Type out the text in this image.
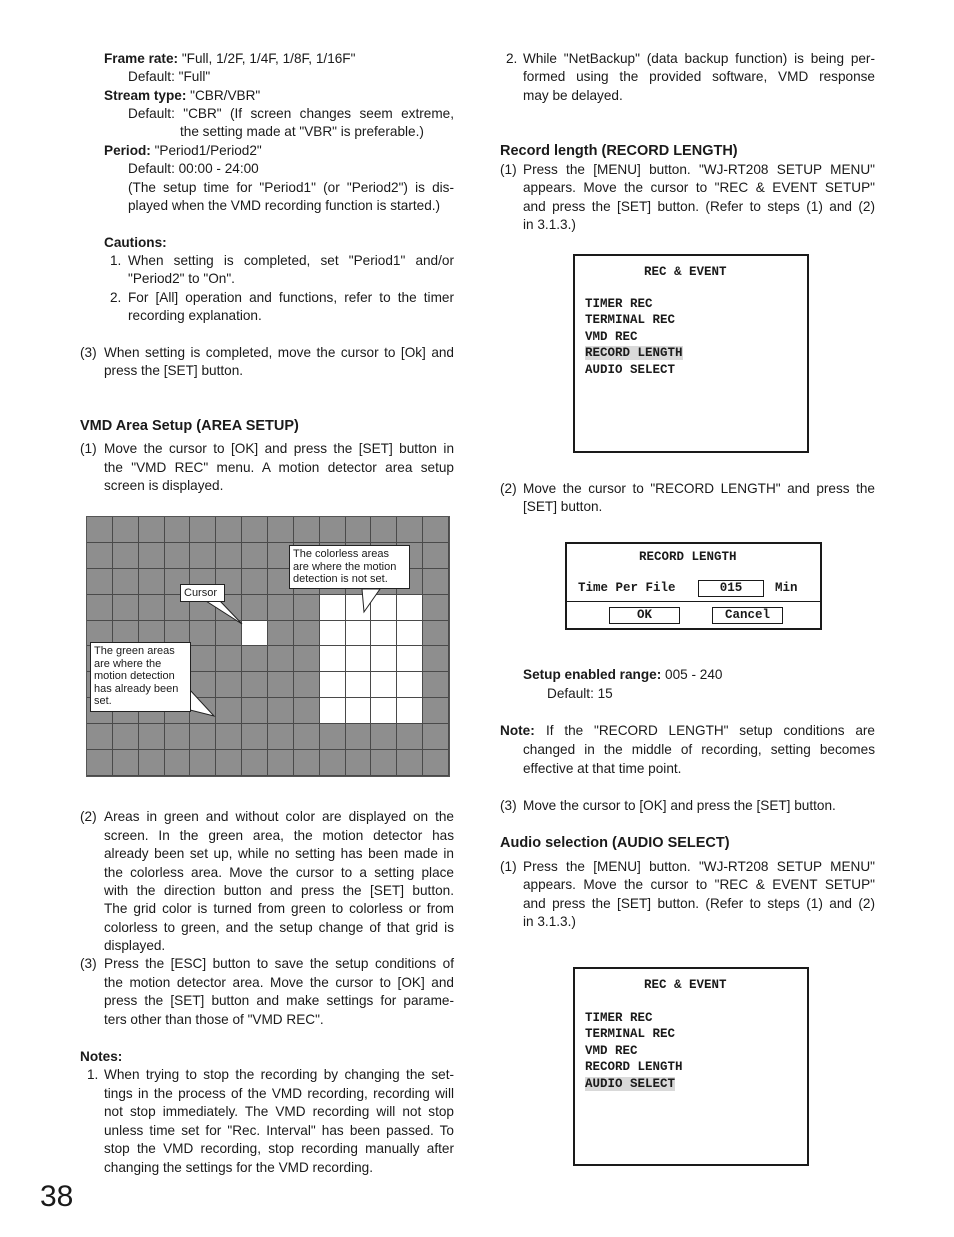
Frame rate: "Full, 1/2F, 1/4F, 1/8F, 1/16F"
Default: "Full"
Stream type: "CBR/VBR"
Default: "CBR" (If screen changes seem extreme,
the setting made at "VBR" is preferable.)
Period: "Period1/Period2"
Default: 00:00 - 24:00
(The setup time for "Period1" (or "Period2") is dis-
played when the VMD recording function is started.)
Cautions:
1. When setting is completed, set "Period1" and/or
"Period2" to "On".
2. For [All] operation and functions, refer to the timer
recording explanation.
(3) When setting is completed, move the cursor to [Ok] and
press the [SET] button.
VMD Area Setup (AREA SETUP)
(1) Move the cursor to [OK] and press the [SET] button in
the "VMD REC" menu. A motion detector area setup
screen is displayed.
The colorless areas are where the motion detection is not set.
Cursor
The green areas are where the motion detection has already been set.
(2) Areas in green and without color are displayed on the
screen. In the green area, the motion detector has
already been set up, while no setting has been made in
the colorless area. Move the cursor to a setting place
with the direction button and press the [SET] button.
The grid color is turned from green to colorless or from
colorless to green, and the setup change of that grid is
displayed.
(3) Press the [ESC] button to save the setup conditions of
the motion detector area. Move the cursor to [OK] and
press the [SET] button and make settings for parame-
ters other than those of "VMD REC".
Notes:
1. When trying to stop the recording by changing the set-
tings in the process of the VMD recording, recording will
not stop immediately. The VMD recording will not stop
unless time set for "Rec. Interval" has been passed. To
stop the VMD recording, stop recording manually after
changing the settings for the VMD recording.
2. While "NetBackup" (data backup function) is being per-
formed using the provided software, VMD response
may be delayed.
Record length (RECORD LENGTH)
(1) Press the [MENU] button. "WJ-RT208 SETUP MENU"
appears. Move the cursor to "REC & EVENT SETUP"
and press the [SET] button. (Refer to steps (1) and (2)
in 3.1.3.)
REC & EVENT
TIMER REC
TERMINAL REC
VMD REC
RECORD LENGTH
AUDIO SELECT
(2) Move the cursor to "RECORD LENGTH" and press the
[SET] button.
RECORD LENGTH
Time Per File	015	Min
OK	Cancel
Setup enabled range: 005 - 240
Default: 15
Note: If the "RECORD LENGTH" setup conditions are
changed in the middle of recording, setting becomes
effective at that time point.
(3) Move the cursor to [OK] and press the [SET] button.
Audio selection (AUDIO SELECT)
(1) Press the [MENU] button. "WJ-RT208 SETUP MENU"
appears. Move the cursor to "REC & EVENT SETUP"
and press the [SET] button. (Refer to steps (1) and (2)
in 3.1.3.)
REC & EVENT
TIMER REC
TERMINAL REC
VMD REC
RECORD LENGTH
AUDIO SELECT
38
